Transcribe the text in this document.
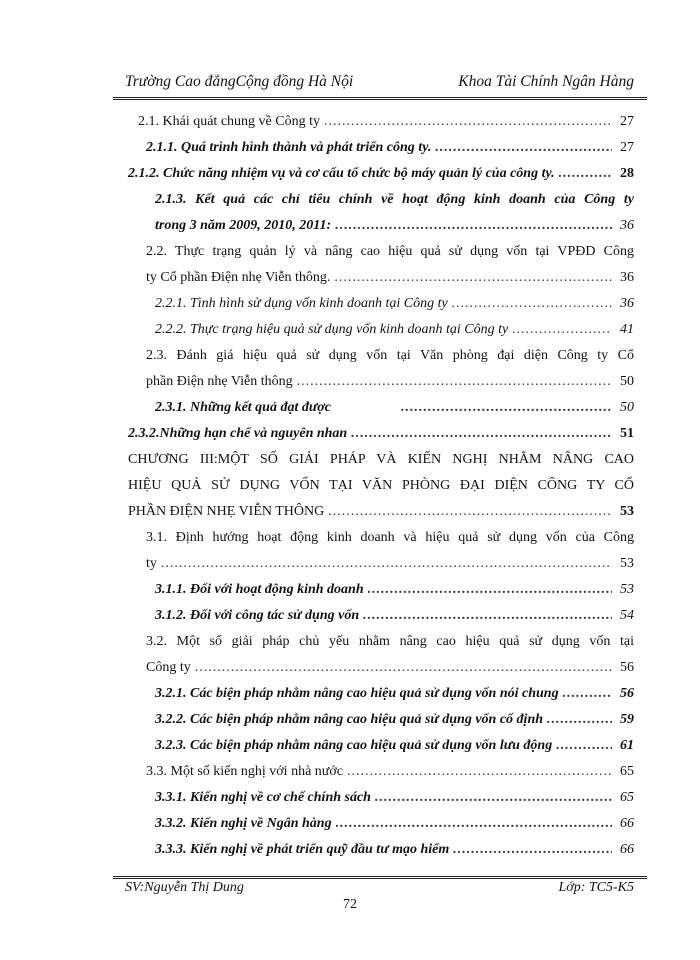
Trường Cao đẳngCộng đồng Hà Nội	Khoa Tài Chính Ngân Hàng
2.1. Khái quát chung về Công ty .....	27
2.1.1. Quá trình hình thành và phát triển công ty. .....	27
2.1.2. Chức năng nhiệm vụ và cơ cấu tổ chức bộ máy quản lý của công ty. .....	28
2.1.3. Kết quả các chỉ tiêu chính về hoạt động kinh doanh của Công ty
trong 3 năm 2009, 2010, 2011: .....	36
2.2. Thực trạng quản lý và nâng cao hiệu quả sử dụng vốn tại VPĐD Công
ty Cổ phần Điện nhẹ Viễn thông. .....	36
2.2.1. Tình hình sử dụng vốn kinh doanh tại Công ty .....	36
2.2.2. Thực trạng hiệu quả sử dụng vốn kinh doanh tại Công ty .....	41
2.3. Đánh giá hiệu quả sử dụng vốn tại Văn phòng đại diện Công ty Cổ
phần Điện nhẹ Viễn thông .....	50
2.3.1. Những kết quả đạt được .....	50
2.3.2.Những hạn chế và nguyên nhan .....	51
CHƯƠNG III:MỘT SỐ GIẢI PHÁP VÀ KIẾN NGHỊ NHẰM NÂNG CAO
HIỆU QUẢ SỬ DỤNG VỐN TẠI VĂN PHÒNG ĐẠI DIỆN CÔNG TY CỔ
PHẦN ĐIỆN NHẸ VIỄN THÔNG .....	53
3.1. Định hướng hoạt động kinh doanh và hiệu quả sử dụng vốn của Công
ty .....	53
3.1.1. Đối với hoạt động kinh doanh .....	53
3.1.2. Đối với công tác sử dụng vốn .....	54
3.2. Một số giải pháp chủ yếu nhằm nâng cao hiệu quả sử dụng vốn tại
Công ty .....	56
3.2.1. Các biện pháp nhằm nâng cao hiệu quả sử dụng vốn nói chung .....	56
3.2.2. Các biện pháp nhằm nâng cao hiệu quả sử dụng vốn cố định .....	59
3.2.3. Các biện pháp nhằm nâng cao hiệu quả sử dụng vốn lưu động .....	61
3.3. Một số kiến nghị với nhà nước .....	65
3.3.1. Kiến nghị về cơ chế chính sách .....	65
3.3.2. Kiến nghị về Ngân hàng .....	66
3.3.3. Kiến nghị về phát triển quỹ đầu tư mạo hiểm .....	66
SV:Nguyễn Thị Dung	Lớp: TC5-K5
72
